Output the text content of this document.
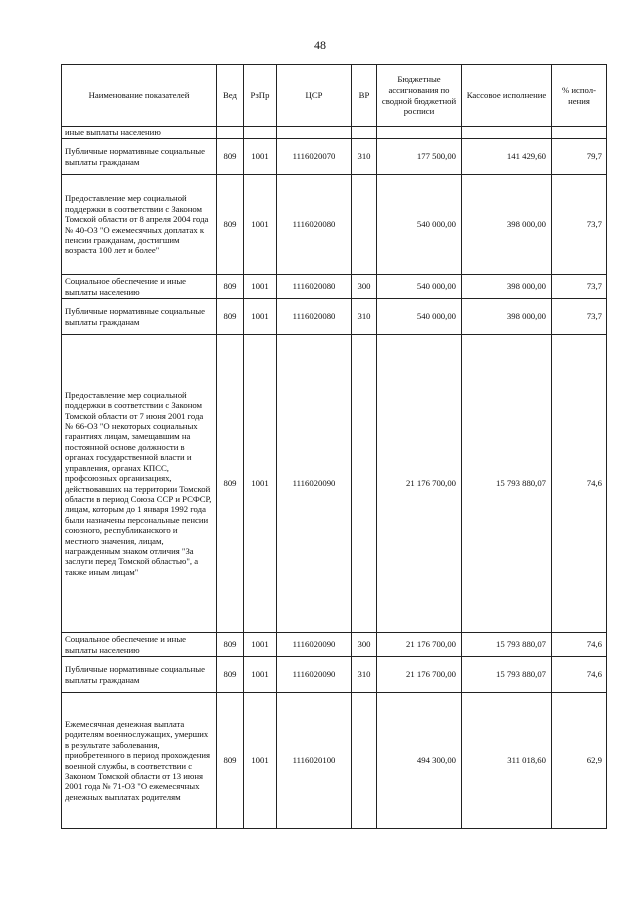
48
Наименование показателей	Вед	РзПр	ЦСР	ВР	Бюджетные ассигнования по сводной бюджетной росписи	Кассовое исполнение	% испол-нения
иные выплаты населению							
Публичные нормативные социальные выплаты гражданам	809	1001	1116020070	310	177 500,00	141 429,60	79,7
Предоставление мер социальной поддержки в соответствии с Законом Томской области от 8 апреля 2004 года № 40-ОЗ "О ежемесячных доплатах к пенсии гражданам, достигшим возраста 100 лет и более"	809	1001	1116020080		540 000,00	398 000,00	73,7
Социальное обеспечение и иные выплаты населению	809	1001	1116020080	300	540 000,00	398 000,00	73,7
Публичные нормативные социальные выплаты гражданам	809	1001	1116020080	310	540 000,00	398 000,00	73,7
Предоставление мер социальной поддержки в соответствии с Законом Томской области от 7 июня 2001 года № 66-ОЗ "О некоторых социальных гарантиях лицам, замещавшим на постоянной основе должности в органах государственной власти и управления, органах КПСС, профсоюзных организациях, действовавших на территории Томской области в период Союза ССР и РСФСР, лицам, которым до 1 января 1992 года были назначены персональные пенсии союзного, республиканского и местного значения, лицам, награжденным знаком отличия "За заслуги перед Томской областью", а также иным лицам"	809	1001	1116020090		21 176 700,00	15 793 880,07	74,6
Социальное обеспечение и иные выплаты населению	809	1001	1116020090	300	21 176 700,00	15 793 880,07	74,6
Публичные нормативные социальные выплаты гражданам	809	1001	1116020090	310	21 176 700,00	15 793 880,07	74,6
Ежемесячная денежная выплата родителям военнослужащих, умерших в результате заболевания, приобретенного в период прохождения военной службы, в соответствии с Законом Томской области от 13 июня 2001 года № 71-ОЗ "О ежемесячных денежных выплатах родителям	809	1001	1116020100		494 300,00	311 018,60	62,9
